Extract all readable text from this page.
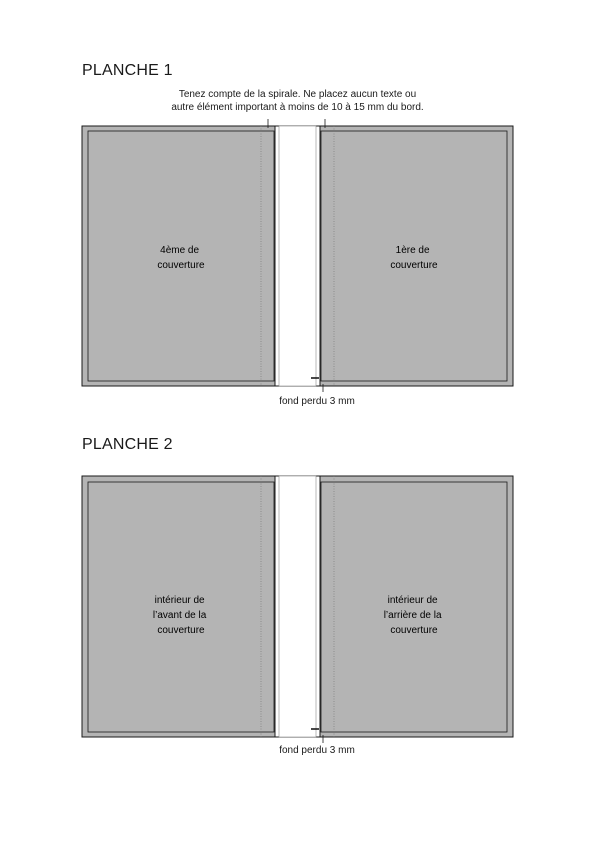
PLANCHE 1
Tenez compte de la spirale. Ne placez aucun texte ou
autre élément important à moins de 10 à 15 mm du bord.
fond perdu 3 mm
PLANCHE 2
fond perdu 3 mm
4ème de couverture
1ère de couverture
intérieur de l’avant de la couverture
intérieur de l’arrière de la couverture
